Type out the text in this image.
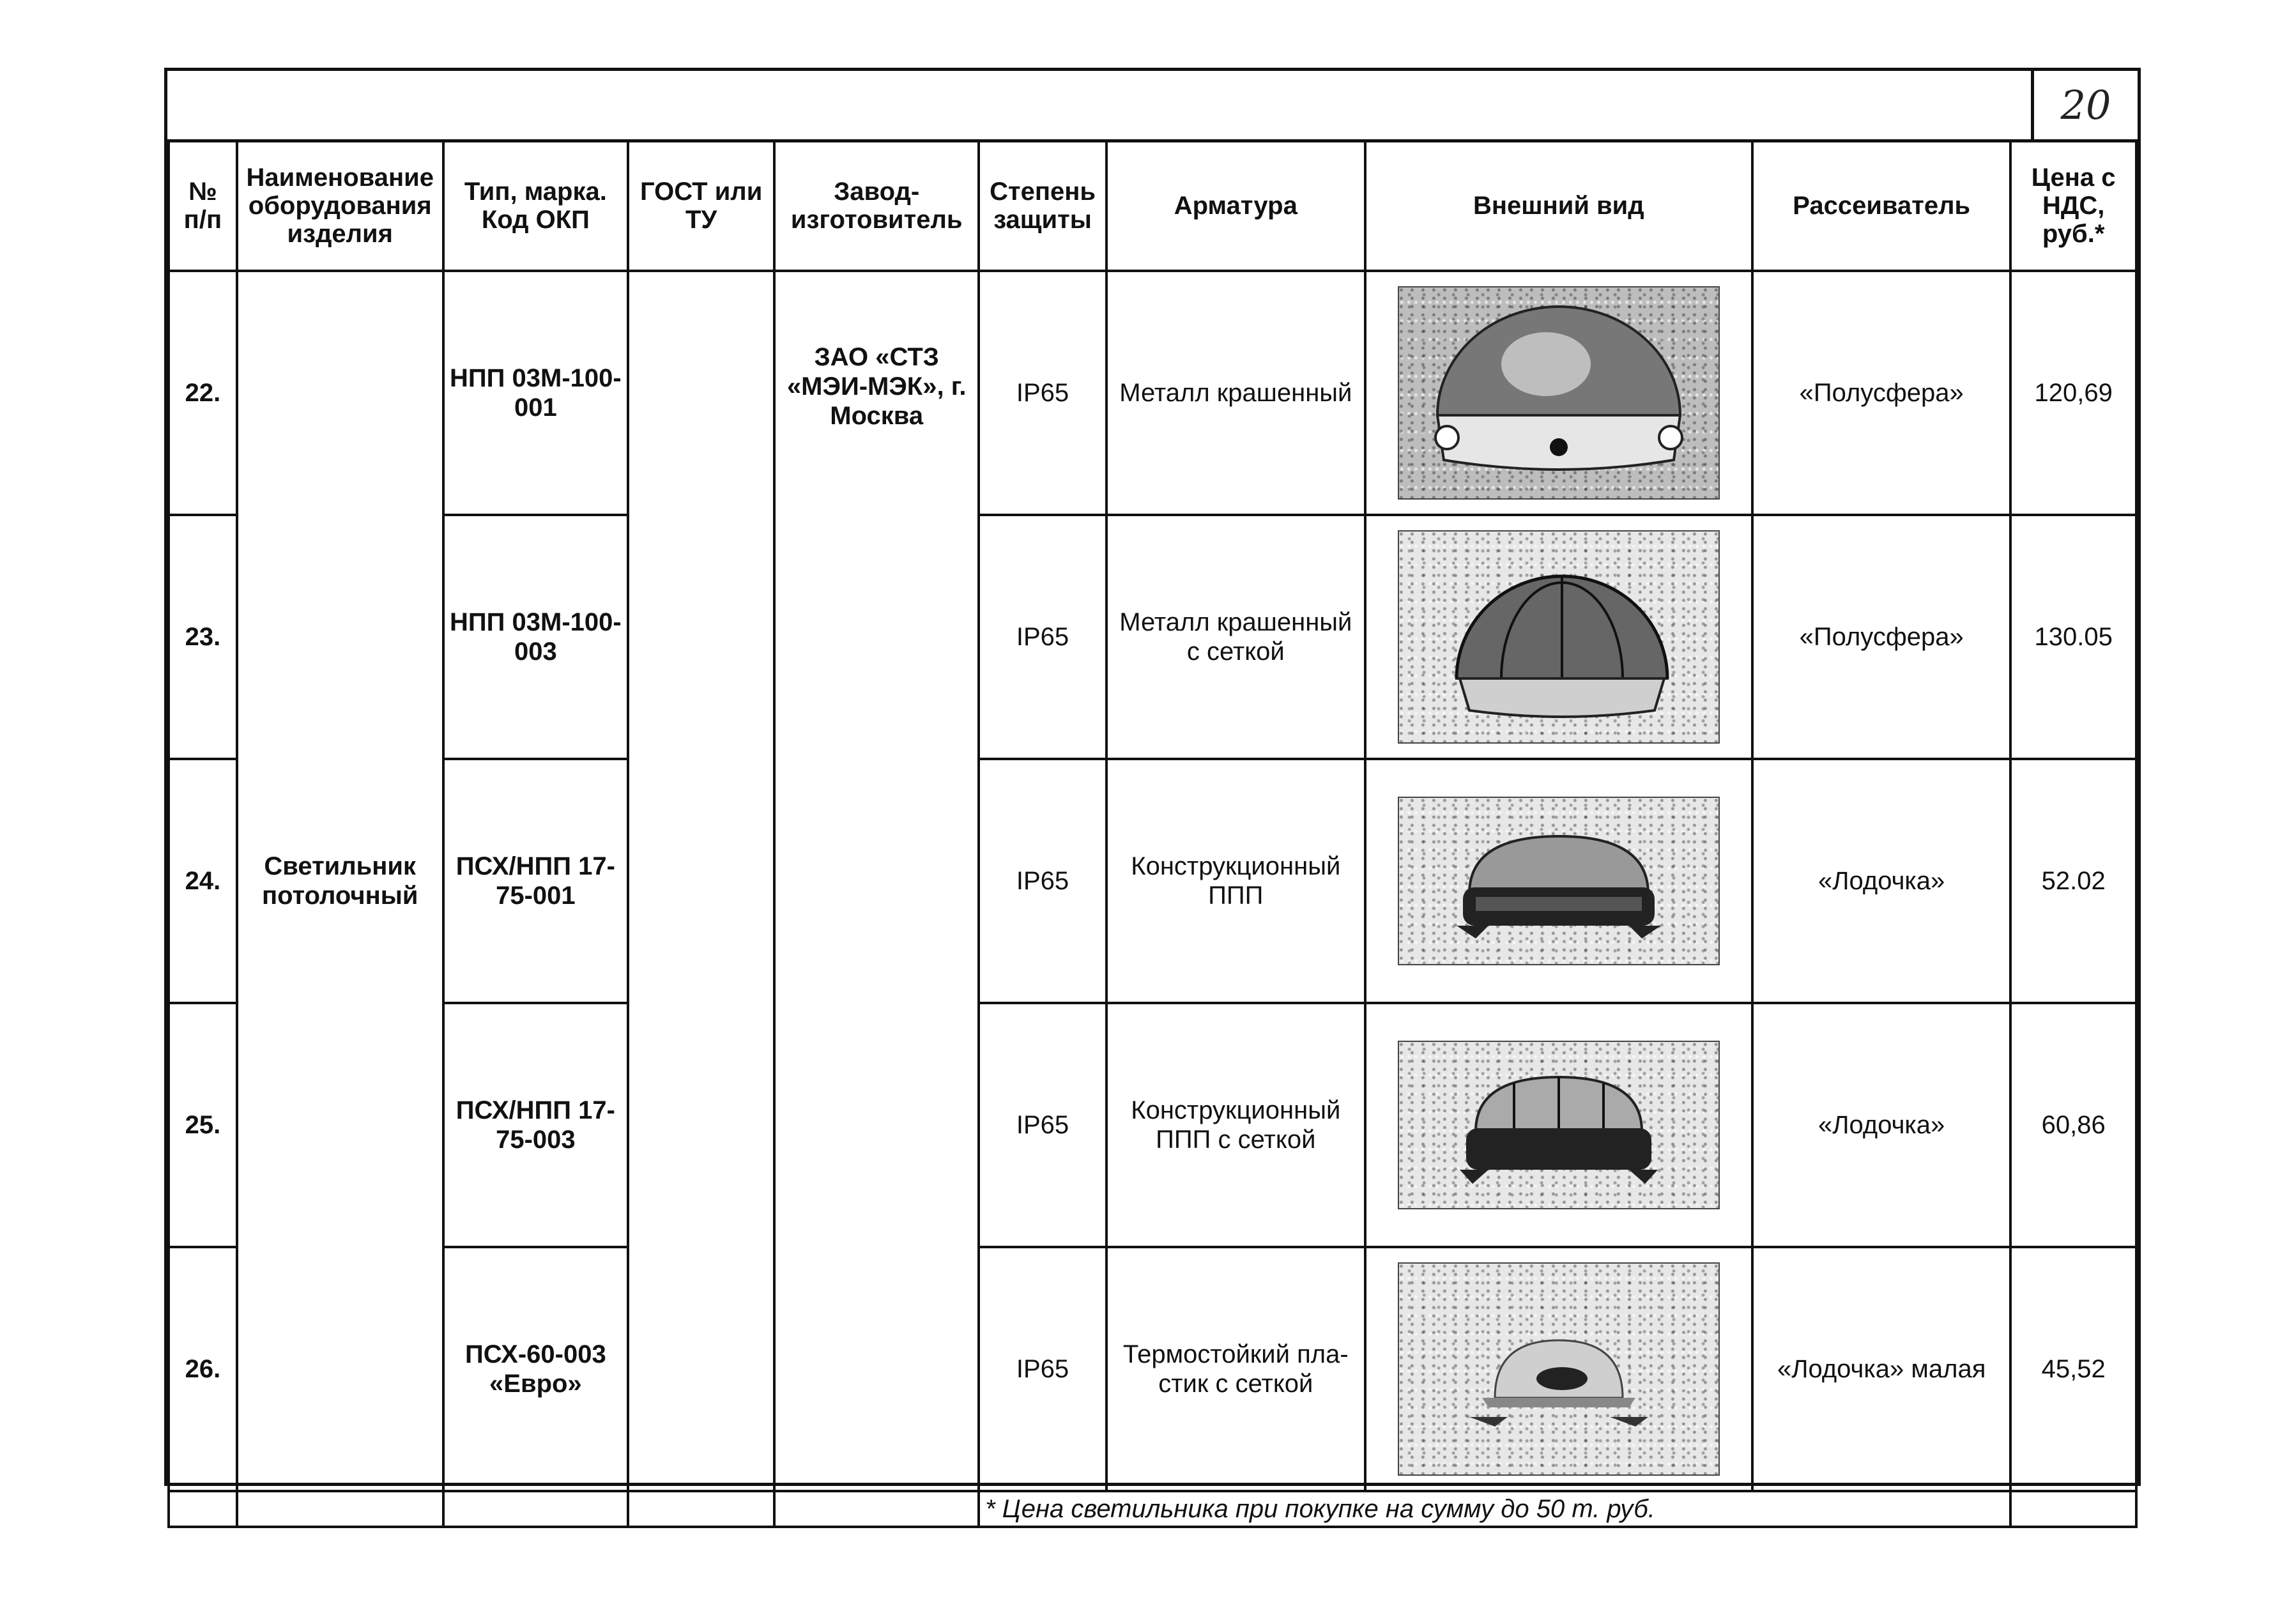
20
№ п/п	Наименование оборудования изделия	Тип, марка. Код ОКП	ГОСТ или ТУ	Завод-изготовитель	Степень защиты	Арматура	Внешний вид	Рассеиватель	Цена с НДС, руб.*
22.	Светильник потолочный	НПП 03М-100-001		ЗАО «СТЗ «МЭИ-МЭК», г. Москва	IP65	Металл крашенный		«Полусфера»	120,69
23.		НПП 03М-100-003			IP65	Металл крашенный с сеткой		«Полусфера»	130.05
24.		ПСХ/НПП 17-75-001			IP65	Конструкционный ППП		«Лодочка»	52.02
25.		ПСХ/НПП 17-75-003			IP65	Конструкционный ППП с сеткой		«Лодочка»	60,86
26.		ПСХ-60-003 «Евро»			IP65	Термостойкий пла-стик с сеткой		«Лодочка» малая	45,52
					* Цена светильника при покупке на сумму до 50 т. руб.				
